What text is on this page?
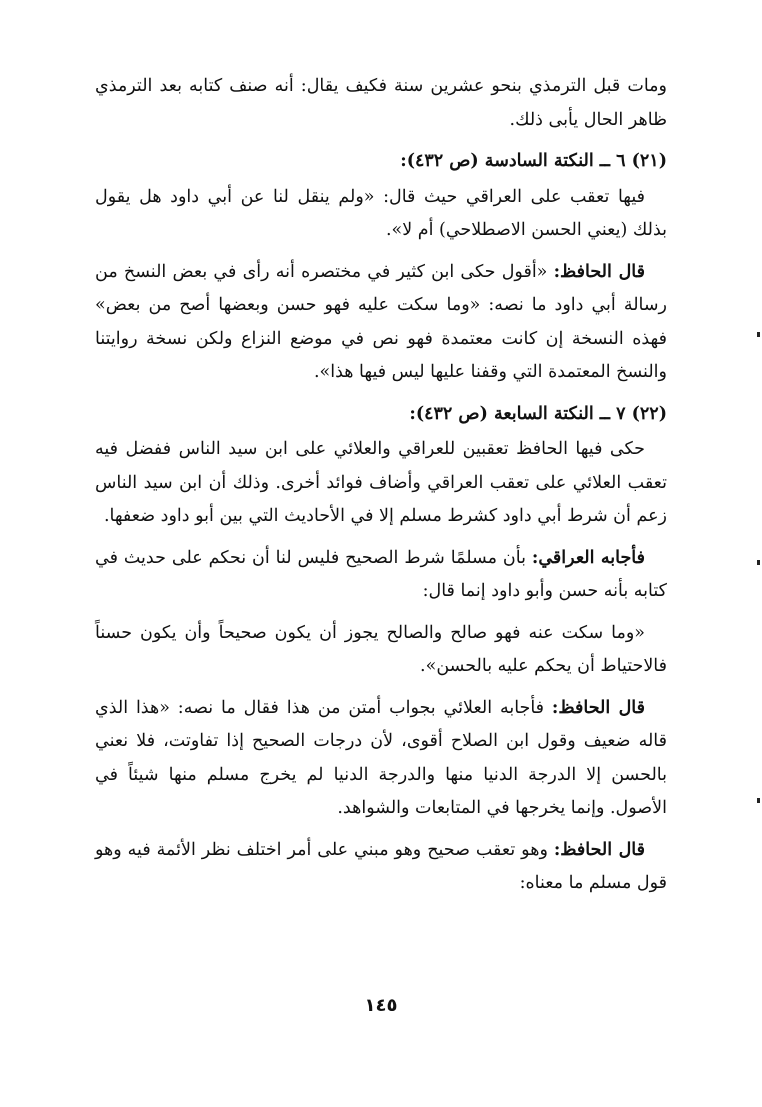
ومات قبل الترمذي بنحو عشرين سنة فكيف يقال: أنه صنف كتابه بعد الترمذي ظاهر الحال يأبى ذلك.

(٢١) ٦ ــ النكتة السادسة (ص ٤٣٢):

فيها تعقب على العراقي حيث قال: «ولم ينقل لنا عن أبي داود هل يقول بذلك (يعني الحسن الاصطلاحي) أم لا».

قال الحافظ: «أقول حكى ابن كثير في مختصره أنه رأى في بعض النسخ من رسالة أبي داود ما نصه: «وما سكت عليه فهو حسن وبعضها أصح من بعض» فهذه النسخة إن كانت معتمدة فهو نص في موضع النزاع ولكن نسخة روايتنا والنسخ المعتمدة التي وقفنا عليها ليس فيها هذا».

(٢٢) ٧ ــ النكتة السابعة (ص ٤٣٢):

حكى فيها الحافظ تعقبين للعراقي والعلائي على ابن سيد الناس ففضل فيه تعقب العلائي على تعقب العراقي وأضاف فوائد أخرى. وذلك أن ابن سيد الناس زعم أن شرط أبي داود كشرط مسلم إلا في الأحاديث التي بين أبو داود ضعفها.

فأجابه العراقي: بأن مسلمًا شرط الصحيح فليس لنا أن نحكم على حديث في كتابه بأنه حسن وأبو داود إنما قال:

«وما سكت عنه فهو صالح والصالح يجوز أن يكون صحيحاً وأن يكون حسناً فالاحتياط أن يحكم عليه بالحسن».

قال الحافظ: فأجابه العلائي بجواب أمتن من هذا فقال ما نصه: «هذا الذي قاله ضعيف وقول ابن الصلاح أقوى، لأن درجات الصحيح إذا تفاوتت، فلا نعني بالحسن إلا الدرجة الدنيا منها والدرجة الدنيا لم يخرج مسلم منها شيئاً في الأصول. وإنما يخرجها في المتابعات والشواهد.

قال الحافظ: وهو تعقب صحيح وهو مبني على أمر اختلف نظر الأئمة فيه وهو قول مسلم ما معناه:

١٤٥
